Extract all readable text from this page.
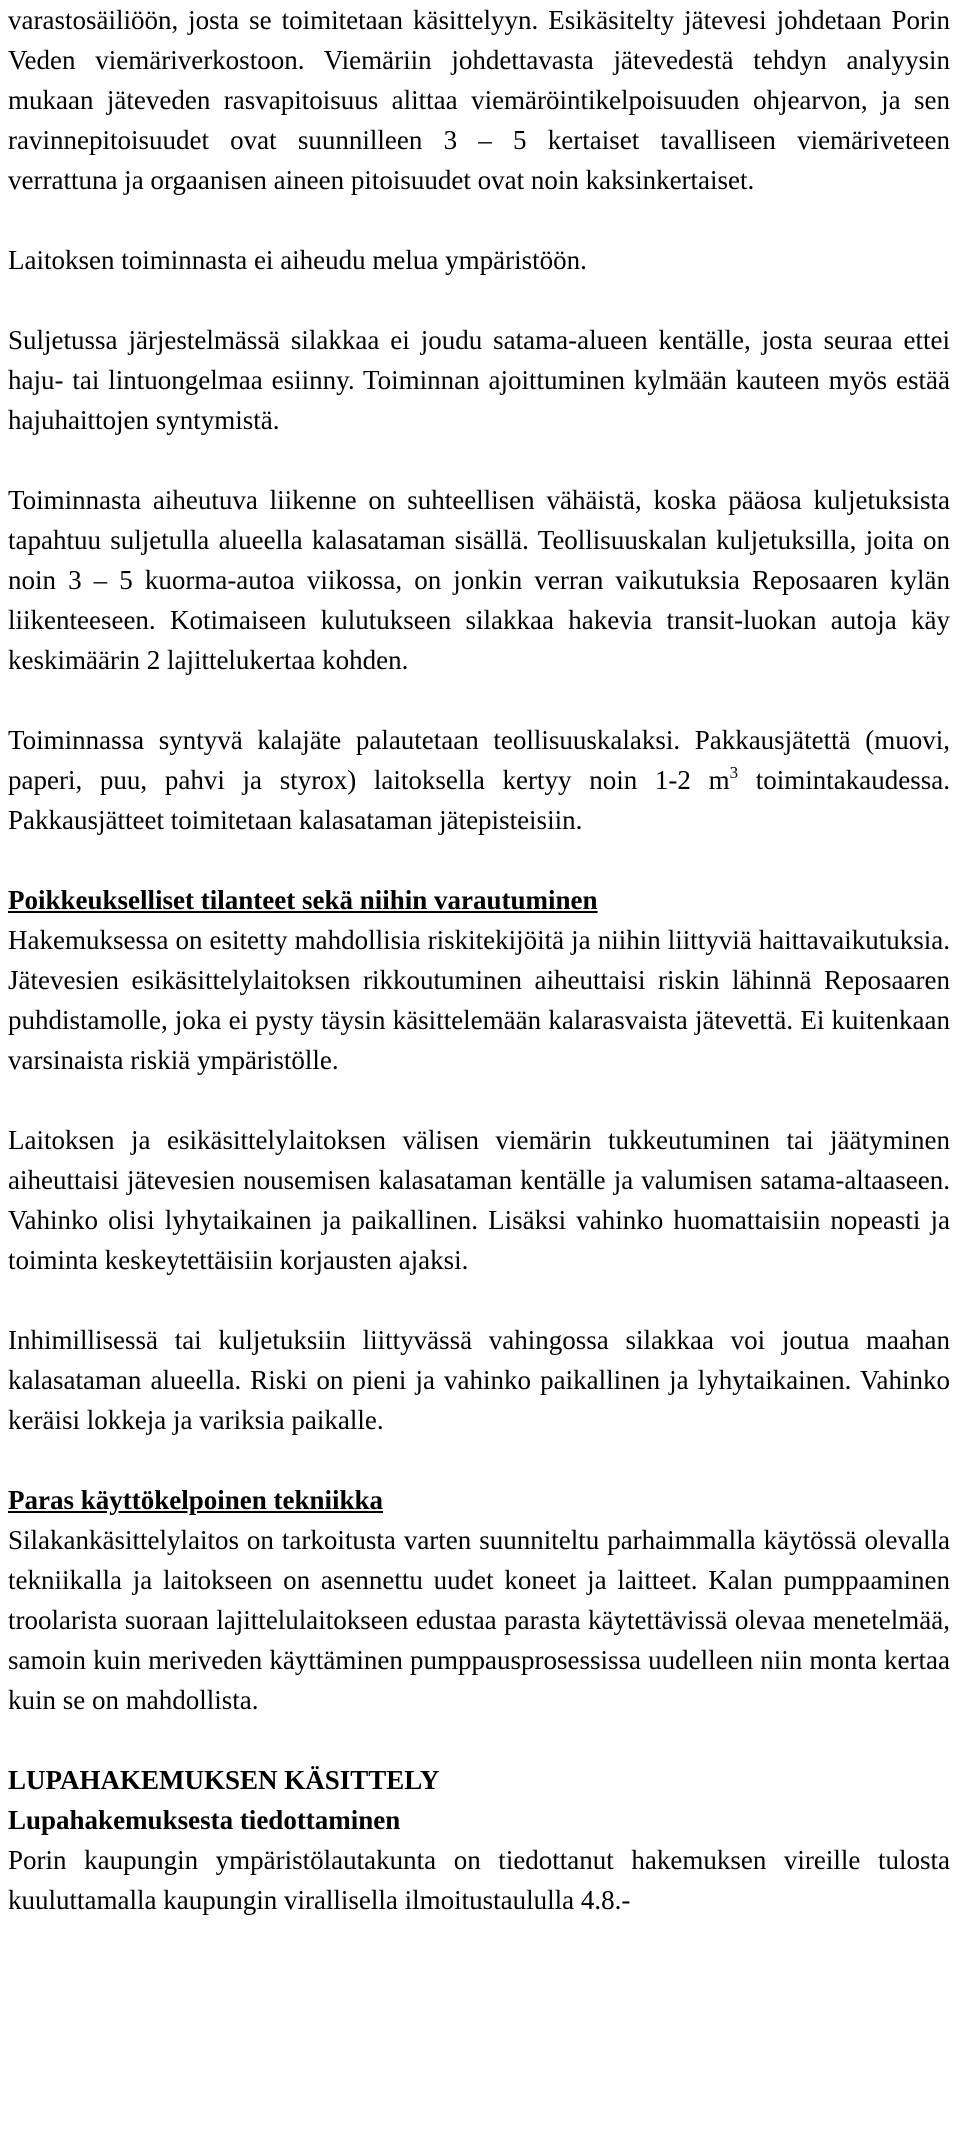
varastosäiliöön, josta se toimitetaan käsittelyyn. Esikäsitelty jätevesi johdetaan Porin Veden viemäriverkostoon. Viemäriin johdettavasta jätevedestä tehdyn analyysin mukaan jäteveden rasvapitoisuus alittaa viemäröintikelpoisuuden ohjearvon, ja sen ravinnepitoisuudet ovat suunnilleen 3 – 5 kertaiset tavalliseen viemäriveteen verrattuna ja orgaanisen aineen pitoisuudet ovat noin kaksinkertaiset.

Laitoksen toiminnasta ei aiheudu melua ympäristöön.

Suljetussa järjestelmässä silakkaa ei joudu satama-alueen kentälle, josta seuraa ettei haju- tai lintuongelmaa esiinny. Toiminnan ajoittuminen kylmään kauteen myös estää hajuhaittojen syntymistä.

Toiminnasta aiheutuva liikenne on suhteellisen vähäistä, koska pääosa kuljetuksista tapahtuu suljetulla alueella kalasataman sisällä. Teollisuuskalan kuljetuksilla, joita on noin 3 – 5 kuorma-autoa viikossa, on jonkin verran vaikutuksia Reposaaren kylän liikenteeseen. Kotimaiseen kulutukseen silakkaa hakevia transit-luokan autoja käy keskimäärin 2 lajittelukertaa kohden.

Toiminnassa syntyvä kalajäte palautetaan teollisuuskalaksi. Pakkausjätettä (muovi, paperi, puu, pahvi ja styrox) laitoksella kertyy noin 1-2 $m^3$ toimintakaudessa. Pakkausjätteet toimitetaan kalasataman jätepisteisiin.

Poikkeukselliset tilanteet sekä niihin varautuminen

Hakemuksessa on esitetty mahdollisia riskitekijöitä ja niihin liittyviä haittavaikutuksia. Jätevesien esikäsittelylaitoksen rikkoutuminen aiheuttaisi riskin lähinnä Reposaaren puhdistamolle, joka ei pysty täysin käsittelemään kalarasvaista jätevettä. Ei kuitenkaan varsinaista riskiä ympäristölle.

Laitoksen ja esikäsittelylaitoksen välisen viemärin tukkeutuminen tai jäätyminen aiheuttaisi jätevesien nousemisen kalasataman kentälle ja valumisen satama-altaaseen. Vahinko olisi lyhytaikainen ja paikallinen. Lisäksi vahinko huomattaisiin nopeasti ja toiminta keskeytettäisiin korjausten ajaksi.

Inhimillisessä tai kuljetuksiin liittyvässä vahingossa silakkaa voi joutua maahan kalasataman alueella. Riski on pieni ja vahinko paikallinen ja lyhytaikainen. Vahinko keräisi lokkeja ja variksia paikalle.

Paras käyttökelpoinen tekniikka

Silakankäsittelylaitos on tarkoitusta varten suunniteltu parhaimmalla käytössä olevalla tekniikalla ja laitokseen on asennettu uudet koneet ja laitteet. Kalan pumppaaminen troolarista suoraan lajittelulaitokseen edustaa parasta käytettävissä olevaa menetelmää, samoin kuin meriveden käyttäminen pumppausprosessissa uudelleen niin monta kertaa kuin se on mahdollista.

LUPAHAKEMUKSEN KÄSITTELY
Lupahakemuksesta tiedottaminen

Porin kaupungin ympäristölautakunta on tiedottanut hakemuksen vireille tulosta kuuluttamalla kaupungin virallisella ilmoitustaululla 4.8.-
